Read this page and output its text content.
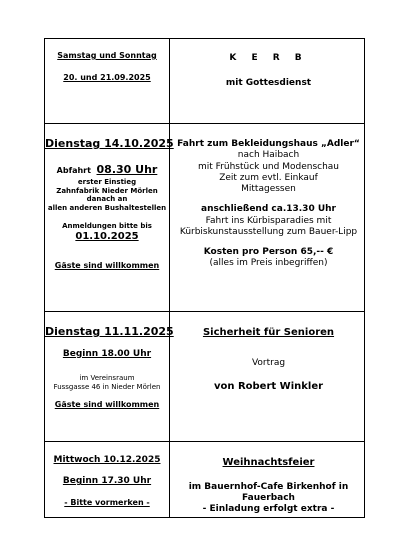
Samstag und Sonntag
20. und 21.09.2025
K E R B
mit Gottesdienst
Dienstag 14.10.2025
Abfahrt 08.30 Uhr
erster Einstieg
Zahnfabrik Nieder Mörlen
danach an
allen anderen Bushaltestellen
Anmeldungen bitte bis
01.10.2025
Gäste sind willkommen
Fahrt zum Bekleidungshaus „Adler“
nach Haibach
mit Frühstück und Modenschau
Zeit zum evtl. Einkauf
Mittagessen
anschließend ca.13.30 Uhr
Fahrt ins Kürbisparadies mit
Kürbiskunstausstellung zum Bauer-Lipp
Kosten pro Person 65,-- €
(alles im Preis inbegriffen)
Dienstag 11.11.2025
Beginn 18.00 Uhr
im Vereinsraum
Fussgasse 46 in Nieder Mörlen
Gäste sind willkommen
Sicherheit für Senioren
Vortrag
von Robert Winkler
Mittwoch 10.12.2025
Beginn 17.30 Uhr
- Bitte vormerken -
Weihnachtsfeier
im Bauernhof-Cafe Birkenhof in
Fauerbach
- Einladung erfolgt extra -
